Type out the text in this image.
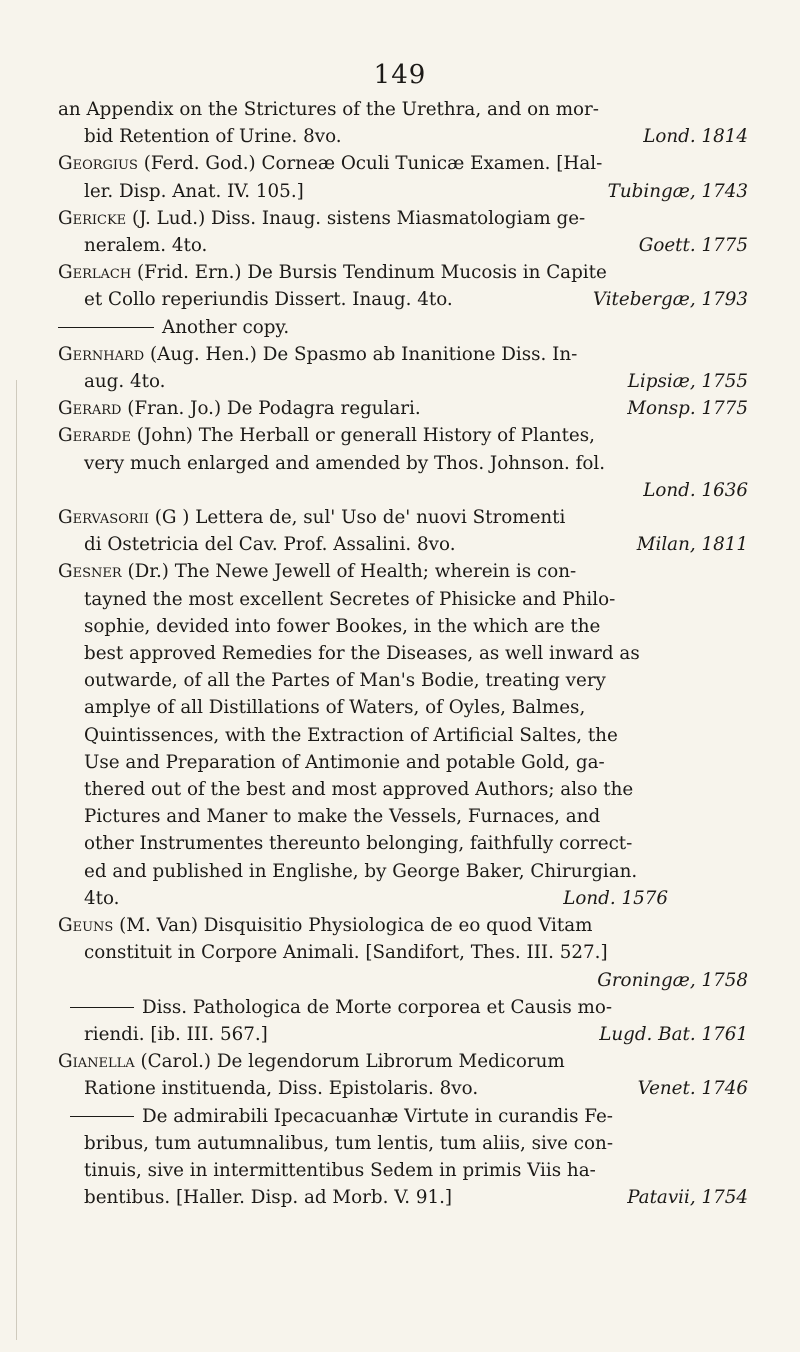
149
an Appendix on the Strictures of the Urethra, and on mor-
bid Retention of Urine. 8vo.	Lond. 1814
Georgius (Ferd. God.) Corneæ Oculi Tunicæ Examen. [Hal-
ler. Disp. Anat. IV. 105.]	Tubingæ, 1743
Gericke (J. Lud.) Diss. Inaug. sistens Miasmatologiam ge-
neralem. 4to.	Goett. 1775
Gerlach (Frid. Ern.) De Bursis Tendinum Mucosis in Capite
et Collo reperiundis Dissert. Inaug. 4to.	Vitebergæ, 1793
Another copy.
Gernhard (Aug. Hen.) De Spasmo ab Inanitione Diss. In-
aug. 4to.	Lipsiæ, 1755
Gerard (Fran. Jo.) De Podagra regulari.	Monsp. 1775
Gerarde (John) The Herball or generall History of Plantes,
very much enlarged and amended by Thos. Johnson. fol.
Lond. 1636
Gervasorii (G ) Lettera de, sul' Uso de' nuovi Stromenti
di Ostetricia del Cav. Prof. Assalini. 8vo.	Milan, 1811
Gesner (Dr.) The Newe Jewell of Health; wherein is con-
tayned the most excellent Secretes of Phisicke and Philo-
sophie, devided into fower Bookes, in the which are the
best approved Remedies for the Diseases, as well inward as
outwarde, of all the Partes of Man's Bodie, treating very
amplye of all Distillations of Waters, of Oyles, Balmes,
Quintissences, with the Extraction of Artificial Saltes, the
Use and Preparation of Antimonie and potable Gold, ga-
thered out of the best and most approved Authors; also the
Pictures and Maner to make the Vessels, Furnaces, and
other Instrumentes thereunto belonging, faithfully correct-
ed and published in Englishe, by George Baker, Chirurgian.
4to.	Lond. 1576
Geuns (M. Van) Disquisitio Physiologica de eo quod Vitam
constituit in Corpore Animali. [Sandifort, Thes. III. 527.]
Groningæ, 1758
Diss. Pathologica de Morte corporea et Causis mo-
riendi. [ib. III. 567.]	Lugd. Bat. 1761
Gianella (Carol.) De legendorum Librorum Medicorum
Ratione instituenda, Diss. Epistolaris. 8vo.	Venet. 1746
De admirabili Ipecacuanhæ Virtute in curandis Fe-
bribus, tum autumnalibus, tum lentis, tum aliis, sive con-
tinuis, sive in intermittentibus Sedem in primis Viis ha-
bentibus. [Haller. Disp. ad Morb. V. 91.]	Patavii, 1754
